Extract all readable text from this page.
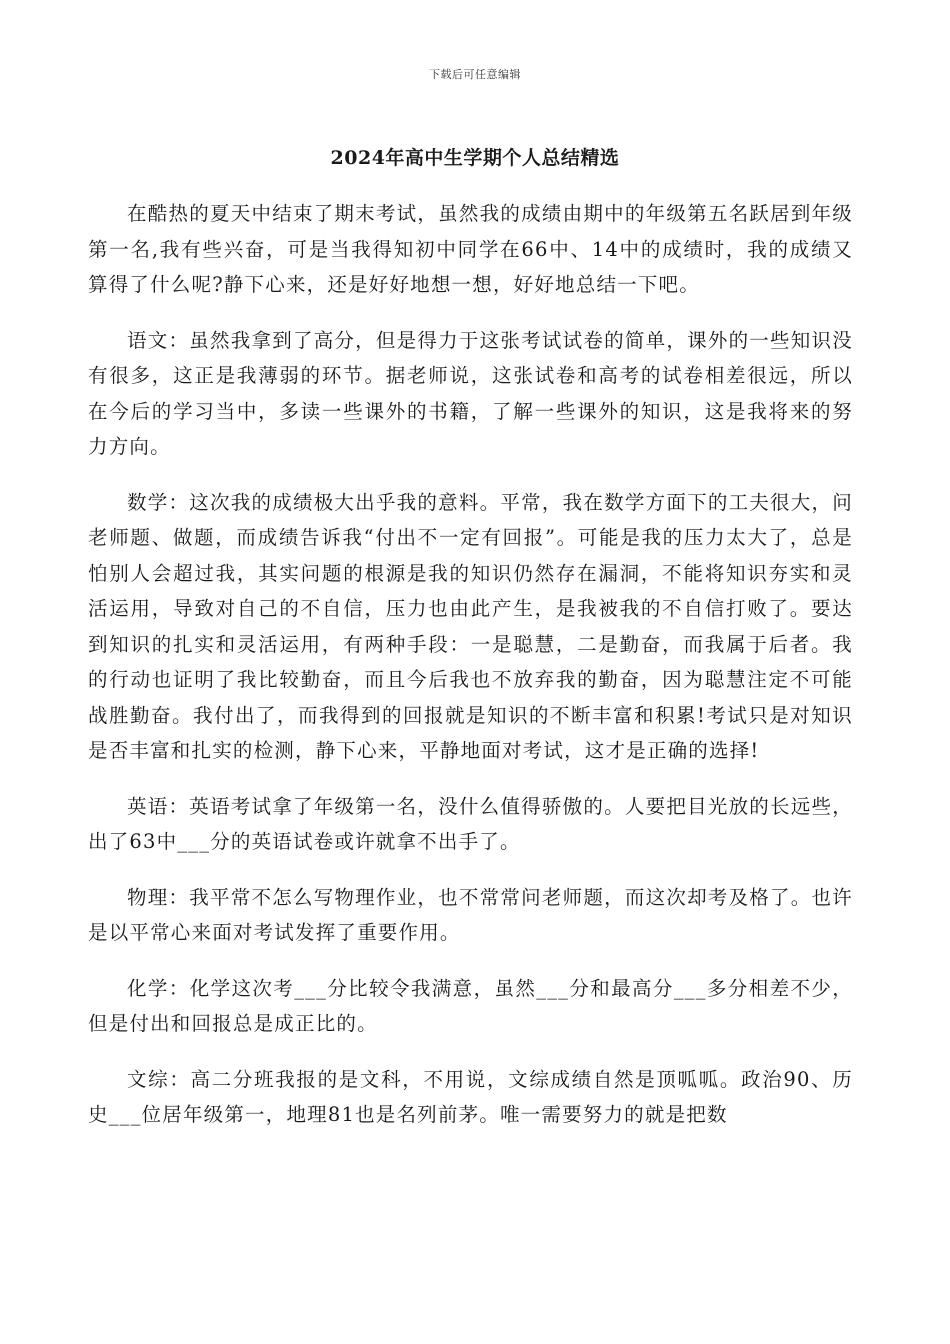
下载后可任意编辑
2024年高中生学期个人总结精选

在酷热的夏天中结束了期末考试，虽然我的成绩由期中的年级第五名跃居到年级第一名,我有些兴奋，可是当我得知初中同学在66中、14中的成绩时，我的成绩又算得了什么呢?静下心来，还是好好地想一想，好好地总结一下吧。

语文：虽然我拿到了高分，但是得力于这张考试试卷的简单，课外的一些知识没有很多，这正是我薄弱的环节。据老师说，这张试卷和高考的试卷相差很远，所以在今后的学习当中，多读一些课外的书籍，了解一些课外的知识，这是我将来的努力方向。

数学：这次我的成绩极大出乎我的意料。平常，我在数学方面下的工夫很大，问老师题、做题，而成绩告诉我“付出不一定有回报”。可能是我的压力太大了，总是怕别人会超过我，其实问题的根源是我的知识仍然存在漏洞，不能将知识夯实和灵活运用，导致对自己的不自信，压力也由此产生，是我被我的不自信打败了。要达到知识的扎实和灵活运用，有两种手段：一是聪慧，二是勤奋，而我属于后者。我的行动也证明了我比较勤奋，而且今后我也不放弃我的勤奋，因为聪慧注定不可能战胜勤奋。我付出了，而我得到的回报就是知识的不断丰富和积累!考试只是对知识是否丰富和扎实的检测，静下心来，平静地面对考试，这才是正确的选择!

英语：英语考试拿了年级第一名，没什么值得骄傲的。人要把目光放的长远些，出了63中___分的英语试卷或许就拿不出手了。

物理：我平常不怎么写物理作业，也不常常问老师题，而这次却考及格了。也许是以平常心来面对考试发挥了重要作用。

化学：化学这次考___分比较令我满意，虽然___分和最高分___多分相差不少，但是付出和回报总是成正比的。

文综：高二分班我报的是文科，不用说，文综成绩自然是顶呱呱。政治90、历史___位居年级第一，地理81也是名列前茅。唯一需要努力的就是把数
